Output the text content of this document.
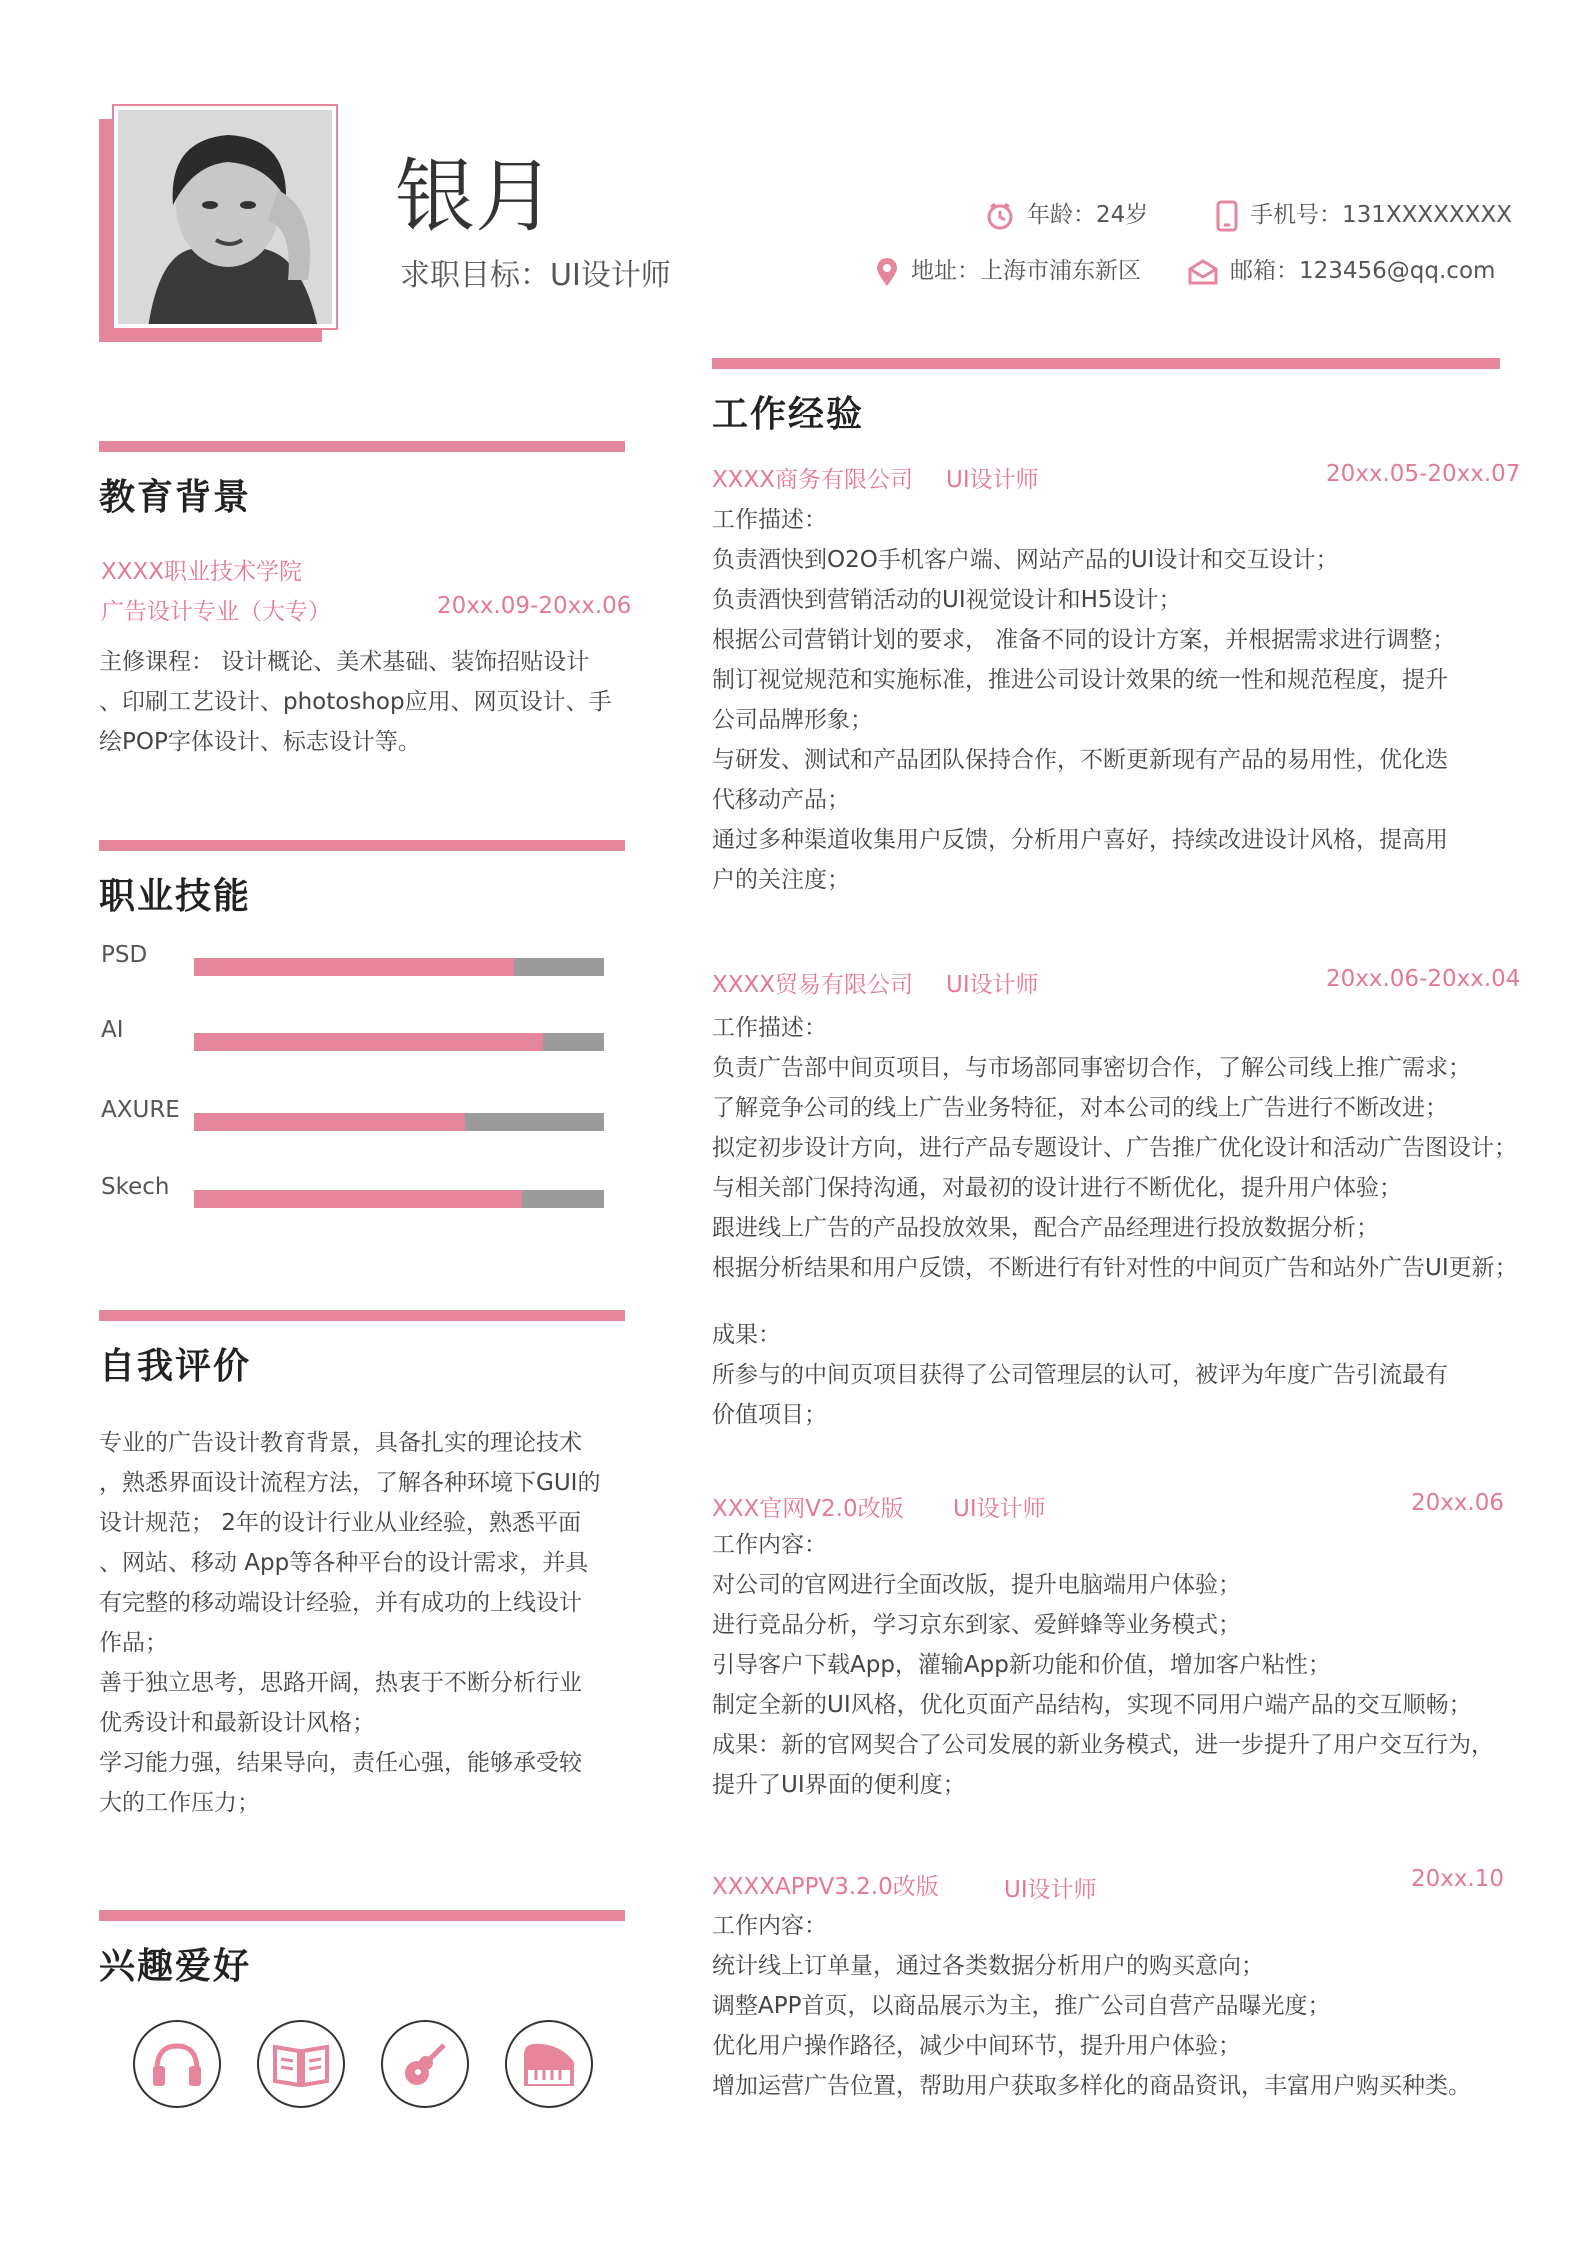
银月
求职目标：UI设计师
年龄：24岁	手机号：131XXXXXXXX
地址：上海市浦东新区	邮箱：123456@qq.com
教育背景
XXXX职业技术学院
广告设计专业（大专）	20xx.09-20xx.06
主修课程： 设计概论、美术基础、装饰招贴设计
、印刷工艺设计、photoshop应用、网页设计、手
绘POP字体设计、标志设计等。
职业技能
PSD
AI
AXURE
Skech
自我评价
专业的广告设计教育背景，具备扎实的理论技术
，熟悉界面设计流程方法，了解各种环境下GUI的
设计规范； 2年的设计行业从业经验，熟悉平面
、网站、移动 App等各种平台的设计需求，并具
有完整的移动端设计经验，并有成功的上线设计
作品；
善于独立思考，思路开阔，热衷于不断分析行业
优秀设计和最新设计风格；
学习能力强，结果导向，责任心强，能够承受较
大的工作压力；
兴趣爱好
工作经验
XXXX商务有限公司 UI设计师	20xx.05-20xx.07
工作描述：
负责酒快到O2O手机客户端、网站产品的UI设计和交互设计；
负责酒快到营销活动的UI视觉设计和H5设计；
根据公司营销计划的要求， 准备不同的设计方案，并根据需求进行调整；
制订视觉规范和实施标准，推进公司设计效果的统一性和规范程度，提升
公司品牌形象；
与研发、测试和产品团队保持合作，不断更新现有产品的易用性，优化迭
代移动产品；
通过多种渠道收集用户反馈，分析用户喜好，持续改进设计风格，提高用
户的关注度；
XXXX贸易有限公司 UI设计师	20xx.06-20xx.04
工作描述：
负责广告部中间页项目，与市场部同事密切合作，了解公司线上推广需求；
了解竞争公司的线上广告业务特征，对本公司的线上广告进行不断改进；
拟定初步设计方向，进行产品专题设计、广告推广优化设计和活动广告图设计；
与相关部门保持沟通，对最初的设计进行不断优化，提升用户体验；
跟进线上广告的产品投放效果，配合产品经理进行投放数据分析；
根据分析结果和用户反馈，不断进行有针对性的中间页广告和站外广告UI更新；
成果：
所参与的中间页项目获得了公司管理层的认可，被评为年度广告引流最有
价值项目；
XXX官网V2.0改版 UI设计师	20xx.06
工作内容：
对公司的官网进行全面改版，提升电脑端用户体验；
进行竞品分析，学习京东到家、爱鲜蜂等业务模式；
引导客户下载App，灌输App新功能和价值，增加客户粘性；
制定全新的UI风格，优化页面产品结构，实现不同用户端产品的交互顺畅；
成果：新的官网契合了公司发展的新业务模式，进一步提升了用户交互行为，
提升了UI界面的便利度；
XXXXAPPV3.2.0改版	UI设计师	20xx.10
工作内容：
统计线上订单量，通过各类数据分析用户的购买意向；
调整APP首页，以商品展示为主，推广公司自营产品曝光度；
优化用户操作路径，减少中间环节，提升用户体验；
增加运营广告位置，帮助用户获取多样化的商品资讯，丰富用户购买种类。
